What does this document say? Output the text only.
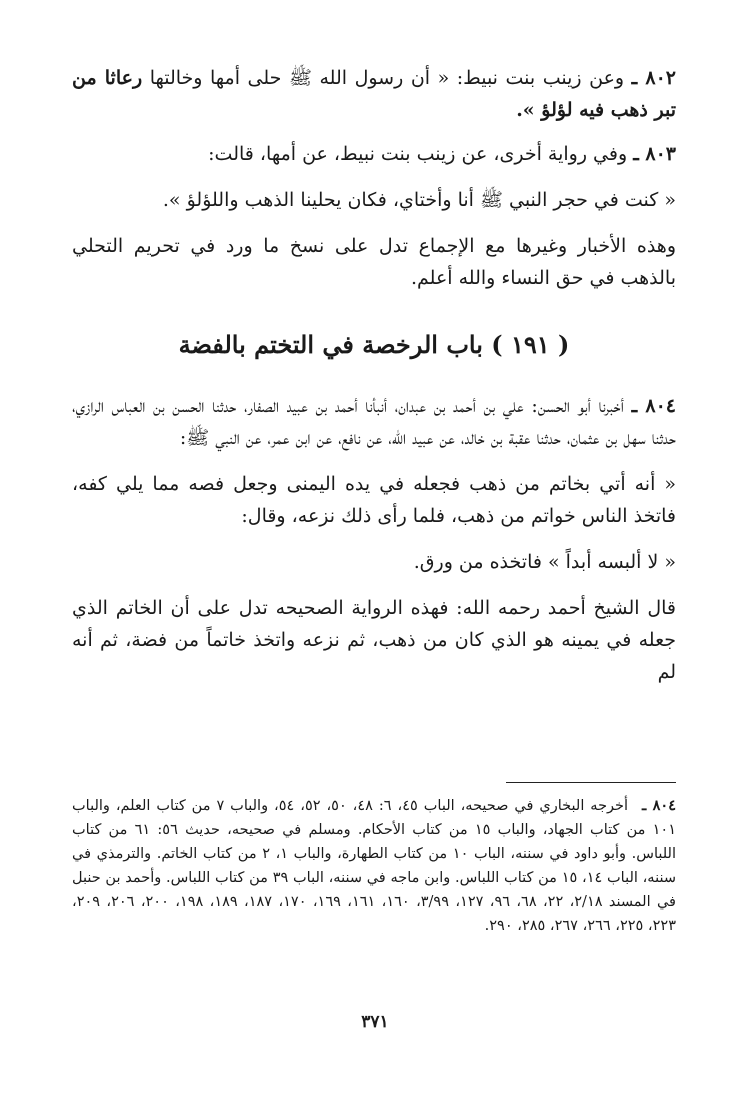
٨٠٢ ـ وعن زينب بنت نبيط: « أن رسول الله ﷺ حلى أمها وخالتها رعاثا من تبر ذهب فيه لؤلؤ ».

٨٠٣ ـ وفي رواية أخرى، عن زينب بنت نبيط، عن أمها، قالت:

« كنت في حجر النبي ﷺ أنا وأختاي، فكان يحلينا الذهب واللؤلؤ ».

وهذه الأخبار وغيرها مع الإجماع تدل على نسخ ما ورد في تحريم التحلي بالذهب في حق النساء والله أعلم.

( ١٩١ ) باب الرخصة في التختم بالفضة

٨٠٤ ـ أخبرنا أبو الحسن: علي بن أحمد بن عبدان، أنبأنا أحمد بن عبيد الصفار، حدثنا الحسن بن العباس الرازي، حدثنا سهل بن عثمان، حدثنا عقبة بن خالد، عن عبيد الله، عن نافع، عن ابن عمر، عن النبي ﷺ:

« أنه أتي بخاتم من ذهب فجعله في يده اليمنى وجعل فصه مما يلي كفه، فاتخذ الناس خواتم من ذهب، فلما رأى ذلك نزعه، وقال:

« لا ألبسه أبداً » فاتخذه من ورق.

قال الشيخ أحمد رحمه الله: فهذه الرواية الصحيحه تدل على أن الخاتم الذي جعله في يمينه هو الذي كان من ذهب، ثم نزعه واتخذ خاتماً من فضة، ثم أنه لم

٨٠٤ ـ أخرجه البخاري في صحيحه، الباب ٤٥، ٦: ٤٨، ٥٠، ٥٢، ٥٤، والباب ٧ من كتاب العلم، والباب ١٠١ من كتاب الجهاد، والباب ١٥ من كتاب الأحكام. ومسلم في صحيحه، حديث ٥٦: ٦١ من كتاب اللباس. وأبو داود في سننه، الباب ١٠ من كتاب الطهارة، والباب ١، ٢ من كتاب الخاتم. والترمذي في سننه، الباب ١٤، ١٥ من كتاب اللباس. وابن ماجه في سننه، الباب ٣٩ من كتاب اللباس. وأحمد بن حنبل في المسند ٢/١٨، ٢٢، ٦٨، ٩٦، ١٢٧، ٣/٩٩، ١٦٠، ١٦١، ١٦٩، ١٧٠، ١٨٧، ١٨٩، ١٩٨، ٢٠٠، ٢٠٦، ٢٠٩، ٢٢٣، ٢٢٥، ٢٦٦، ٢٦٧، ٢٨٥، ٢٩٠.

٣٧١
